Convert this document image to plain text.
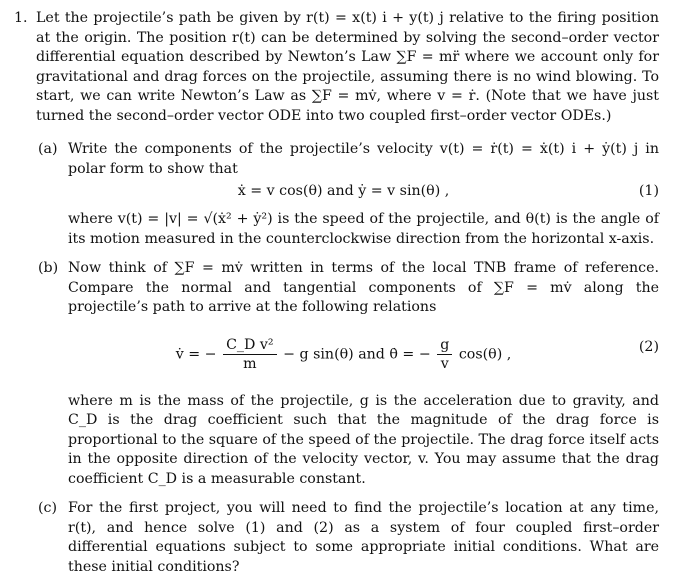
1. Let the projectile’s path be given by r(t) = x(t) i + y(t) j relative to the firing position at the origin. The position r(t) can be determined by solving the second–order vector differential equation described by Newton’s Law ∑F = mr̈ where we account only for gravitational and drag forces on the projectile, assuming there is no wind blowing. To start, we can write Newton’s Law as ∑F = mv̇, where v = ṙ. (Note that we have just turned the second–order vector ODE into two coupled first–order vector ODEs.)
(a) Write the components of the projectile’s velocity v(t) = ṙ(t) = ẋ(t) i + ẏ(t) j in polar form to show that
ẋ = v cos(θ) and ẏ = v sin(θ) ,	(1)
where v(t) = |v| = √(ẋ² + ẏ²) is the speed of the projectile, and θ(t) is the angle of its motion measured in the counterclockwise direction from the horizontal x-axis.
(b) Now think of ∑F = mv̇ written in terms of the local TNB frame of reference. Compare the normal and tangential components of ∑F = mv̇ along the projectile’s path to arrive at the following relations
v̇ = − $\frac{\text{C\_D v²}}{m} - g$ sin(θ) and θ̇ = − $\frac{g}{v} \cos(\theta)$ ,	(2)
where m is the mass of the projectile, g is the acceleration due to gravity, and C_D is the drag coefficient such that the magnitude of the drag force is proportional to the square of the speed of the projectile. The drag force itself acts in the opposite direction of the velocity vector, v. You may assume that the drag coefficient C_D is a measurable constant.
(c) For the first project, you will need to find the projectile’s location at any time, r(t), and hence solve (1) and (2) as a system of four coupled first–order differential equations subject to some appropriate initial conditions. What are these initial conditions?
